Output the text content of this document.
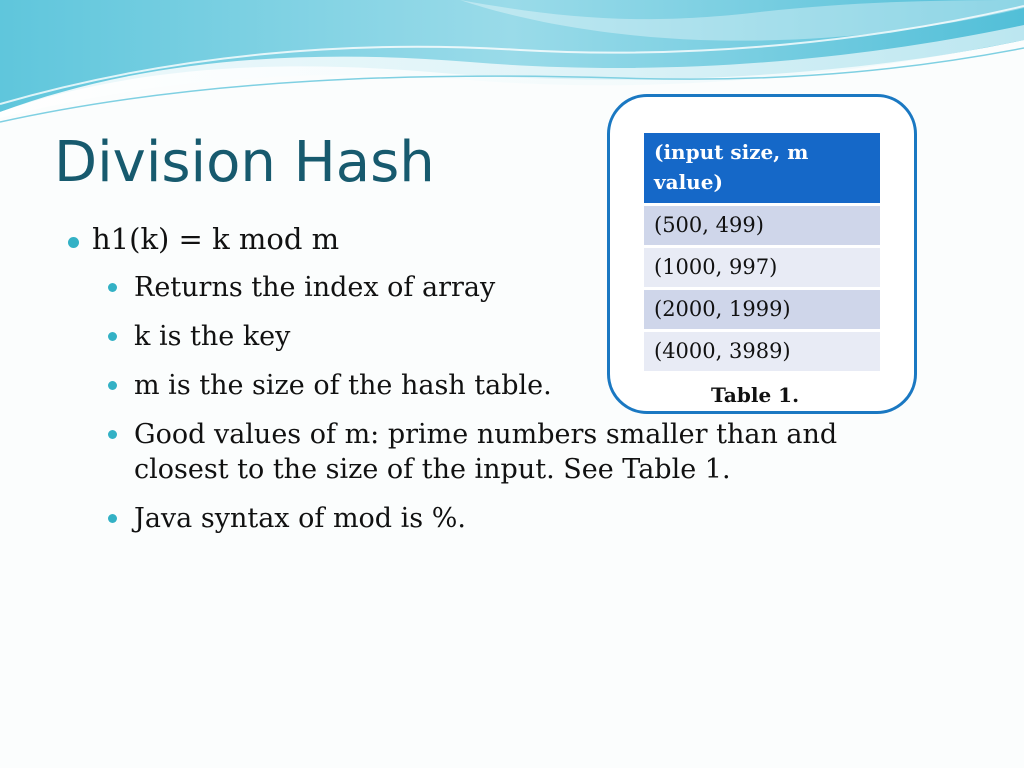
Division Hash
h1(k) = k mod m
Returns the index of array
k is the key
m is the size of the hash table.
Good values of m: prime numbers smaller than and closest to the size of the input. See Table 1.
Java syntax of mod is %.
(input size, m value)
(500, 499)
(1000, 997)
(2000, 1999)
(4000, 3989)

Table 1.
